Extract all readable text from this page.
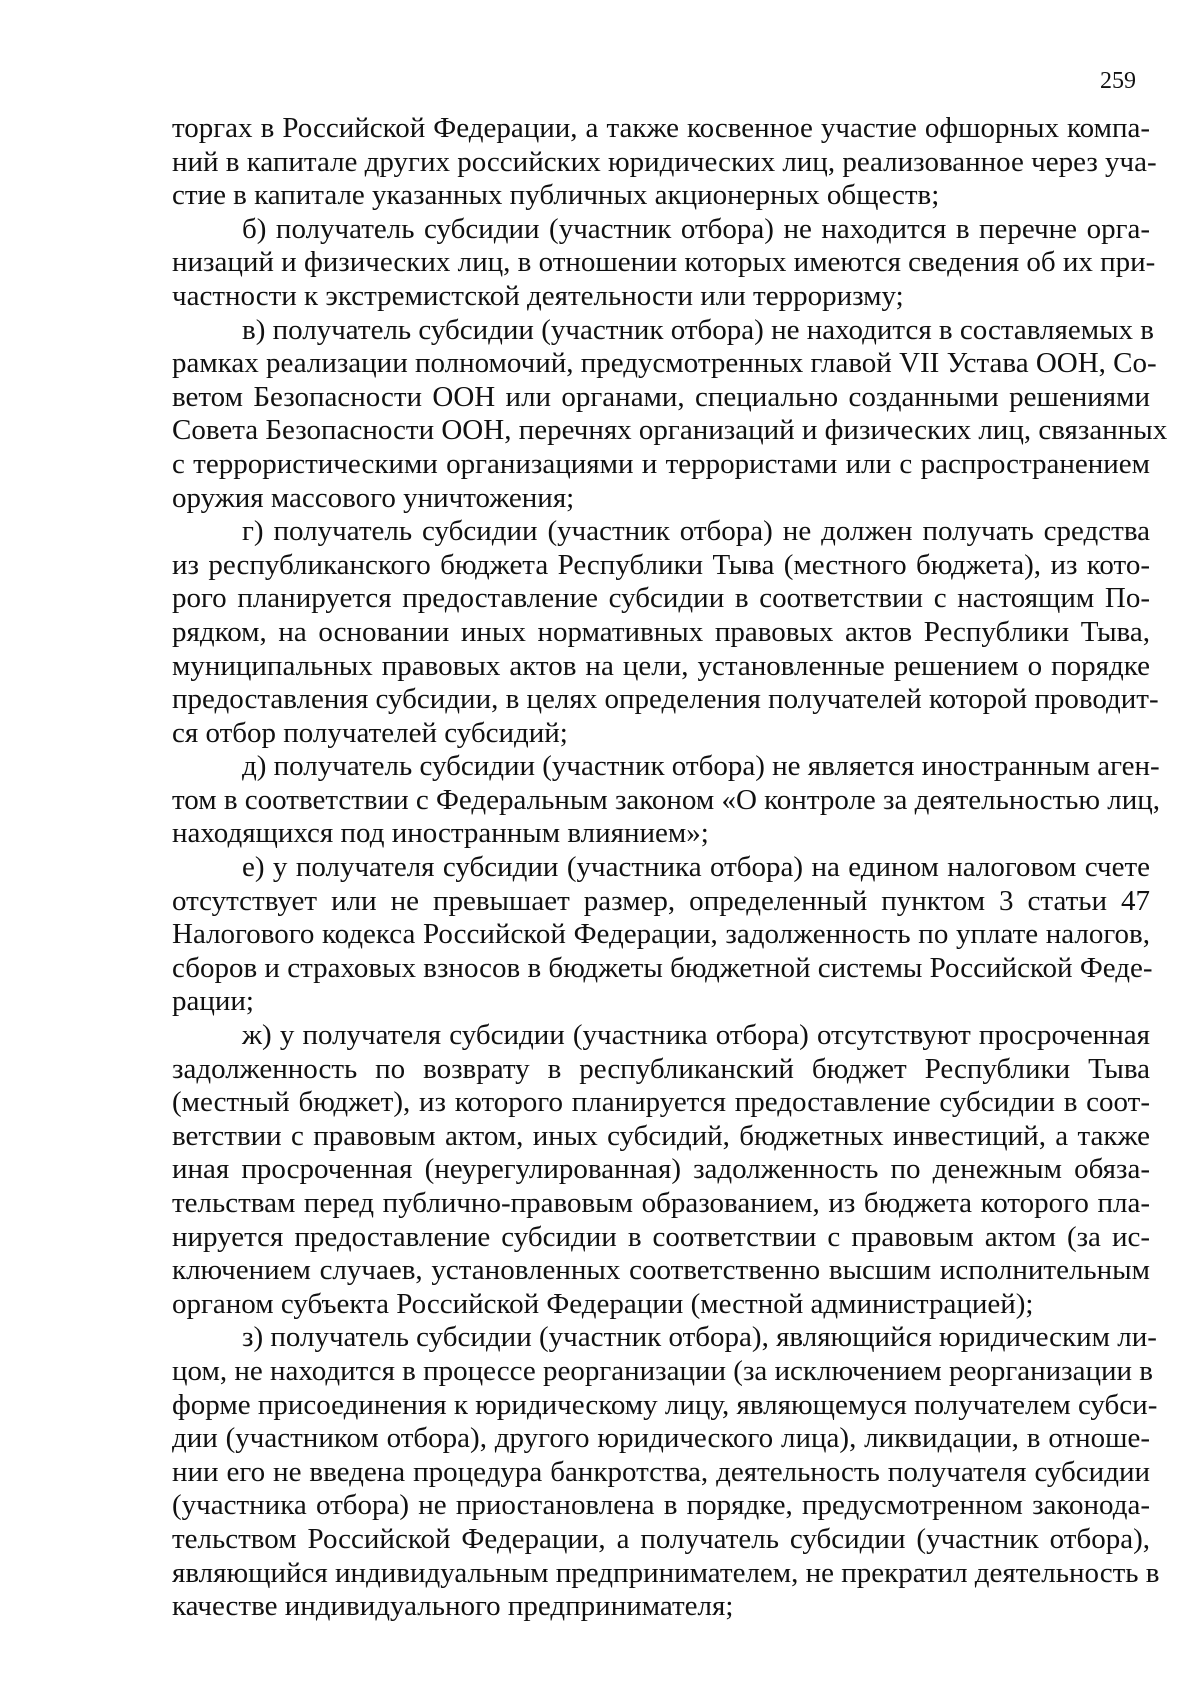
259
торгах в Российской Федерации, а также косвенное участие офшорных компа-
ний в капитале других российских юридических лиц, реализованное через уча-
стие в капитале указанных публичных акционерных обществ;
б) получатель субсидии (участник отбора) не находится в перечне орга-
низаций и физических лиц, в отношении которых имеются сведения об их при-
частности к экстремистской деятельности или терроризму;
в) получатель субсидии (участник отбора) не находится в составляемых в
рамках реализации полномочий, предусмотренных главой VII Устава ООН, Со-
ветом Безопасности ООН или органами, специально созданными решениями
Совета Безопасности ООН, перечнях организаций и физических лиц, связанных
с террористическими организациями и террористами или с распространением
оружия массового уничтожения;
г) получатель субсидии (участник отбора) не должен получать средства
из республиканского бюджета Республики Тыва (местного бюджета), из кото-
рого планируется предоставление субсидии в соответствии с настоящим По-
рядком, на основании иных нормативных правовых актов Республики Тыва,
муниципальных правовых актов на цели, установленные решением о порядке
предоставления субсидии, в целях определения получателей которой проводит-
ся отбор получателей субсидий;
д) получатель субсидии (участник отбора) не является иностранным аген-
том в соответствии с Федеральным законом «О контроле за деятельностью лиц,
находящихся под иностранным влиянием»;
е) у получателя субсидии (участника отбора) на едином налоговом счете
отсутствует или не превышает размер, определенный пунктом 3 статьи 47
Налогового кодекса Российской Федерации, задолженность по уплате налогов,
сборов и страховых взносов в бюджеты бюджетной системы Российской Феде-
рации;
ж) у получателя субсидии (участника отбора) отсутствуют просроченная
задолженность по возврату в республиканский бюджет Республики Тыва
(местный бюджет), из которого планируется предоставление субсидии в соот-
ветствии с правовым актом, иных субсидий, бюджетных инвестиций, а также
иная просроченная (неурегулированная) задолженность по денежным обяза-
тельствам перед публично-правовым образованием, из бюджета которого пла-
нируется предоставление субсидии в соответствии с правовым актом (за ис-
ключением случаев, установленных соответственно высшим исполнительным
органом субъекта Российской Федерации (местной администрацией);
з) получатель субсидии (участник отбора), являющийся юридическим ли-
цом, не находится в процессе реорганизации (за исключением реорганизации в
форме присоединения к юридическому лицу, являющемуся получателем субси-
дии (участником отбора), другого юридического лица), ликвидации, в отноше-
нии его не введена процедура банкротства, деятельность получателя субсидии
(участника отбора) не приостановлена в порядке, предусмотренном законода-
тельством Российской Федерации, а получатель субсидии (участник отбора),
являющийся индивидуальным предпринимателем, не прекратил деятельность в
качестве индивидуального предпринимателя;
